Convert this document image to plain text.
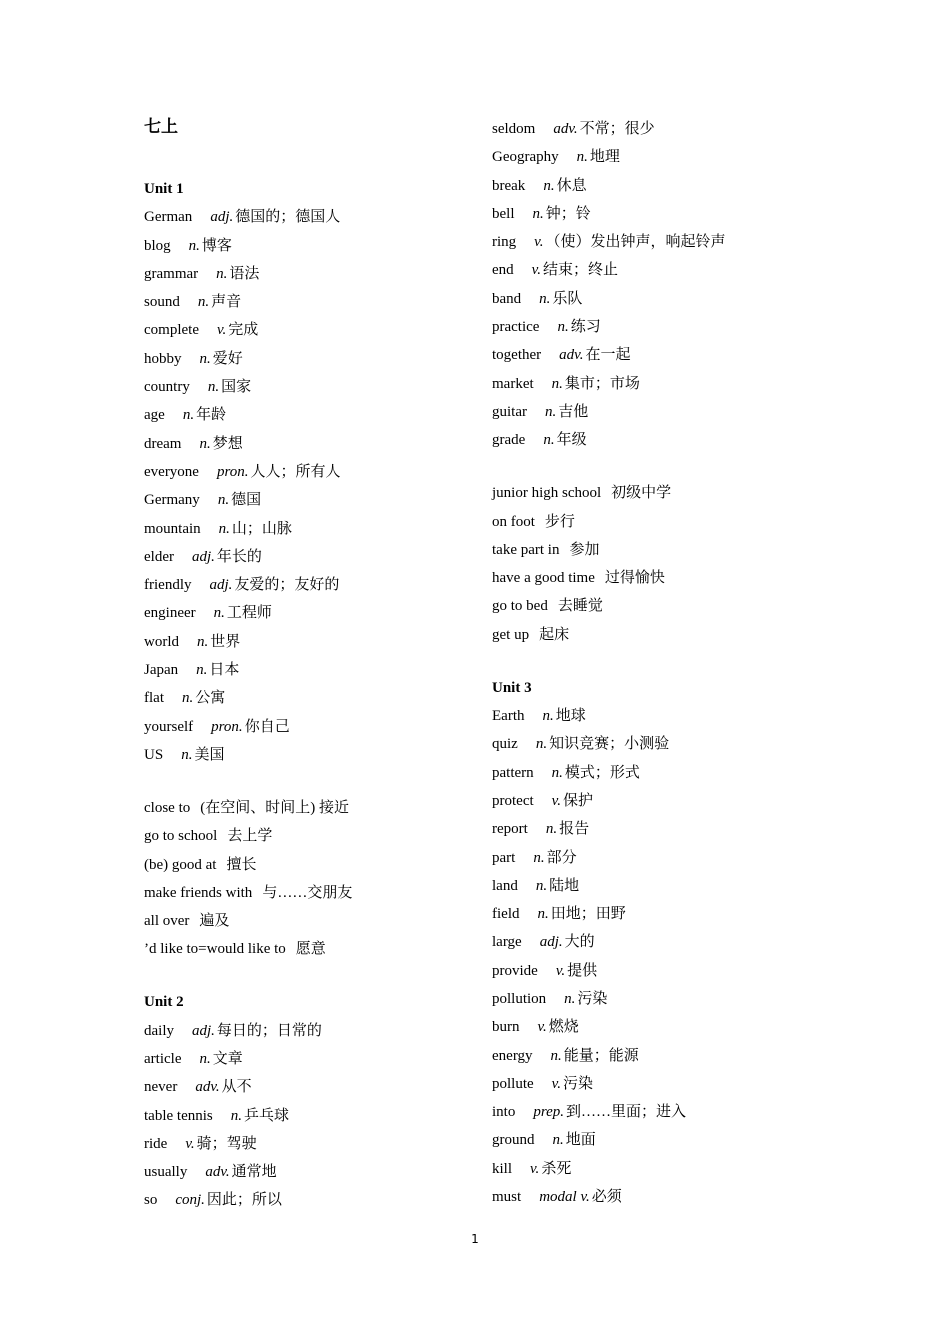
七上
Unit 1
German adj. 德国的；德国人
blog n. 博客
grammar n. 语法
sound n. 声音
complete v. 完成
hobby n. 爱好
country n. 国家
age n. 年龄
dream n. 梦想
everyone pron. 人人；所有人
Germany n. 德国
mountain n. 山；山脉
elder adj. 年长的
friendly adj. 友爱的；友好的
engineer n. 工程师
world n. 世界
Japan n. 日本
flat n. 公寓
yourself pron. 你自己
US n. 美国
close to (在空间、时间上) 接近
go to school 去上学
(be) good at 擅长
make friends with 与……交朋友
all over 遍及
’d like to=would like to 愿意
Unit 2
daily adj. 每日的；日常的
article n. 文章
never adv. 从不
table tennis n. 乒乓球
ride v. 骑；驾驶
usually adv. 通常地
so conj. 因此；所以
seldom adv. 不常；很少
Geography n. 地理
break n. 休息
bell n. 钟；铃
ring v. （使）发出钟声，响起铃声
end v. 结束；终止
band n. 乐队
practice n. 练习
together adv. 在一起
market n. 集市；市场
guitar n. 吉他
grade n. 年级
junior high school 初级中学
on foot 步行
take part in 参加
have a good time 过得愉快
go to bed 去睡觉
get up 起床
Unit 3
Earth n. 地球
quiz n. 知识竞赛；小测验
pattern n. 模式；形式
protect v. 保护
report n. 报告
part n. 部分
land n. 陆地
field n. 田地；田野
large adj. 大的
provide v. 提供
pollution n. 污染
burn v. 燃烧
energy n. 能量；能源
pollute v. 污染
into prep. 到……里面；进入
ground n. 地面
kill v. 杀死
must modal v. 必须
1
